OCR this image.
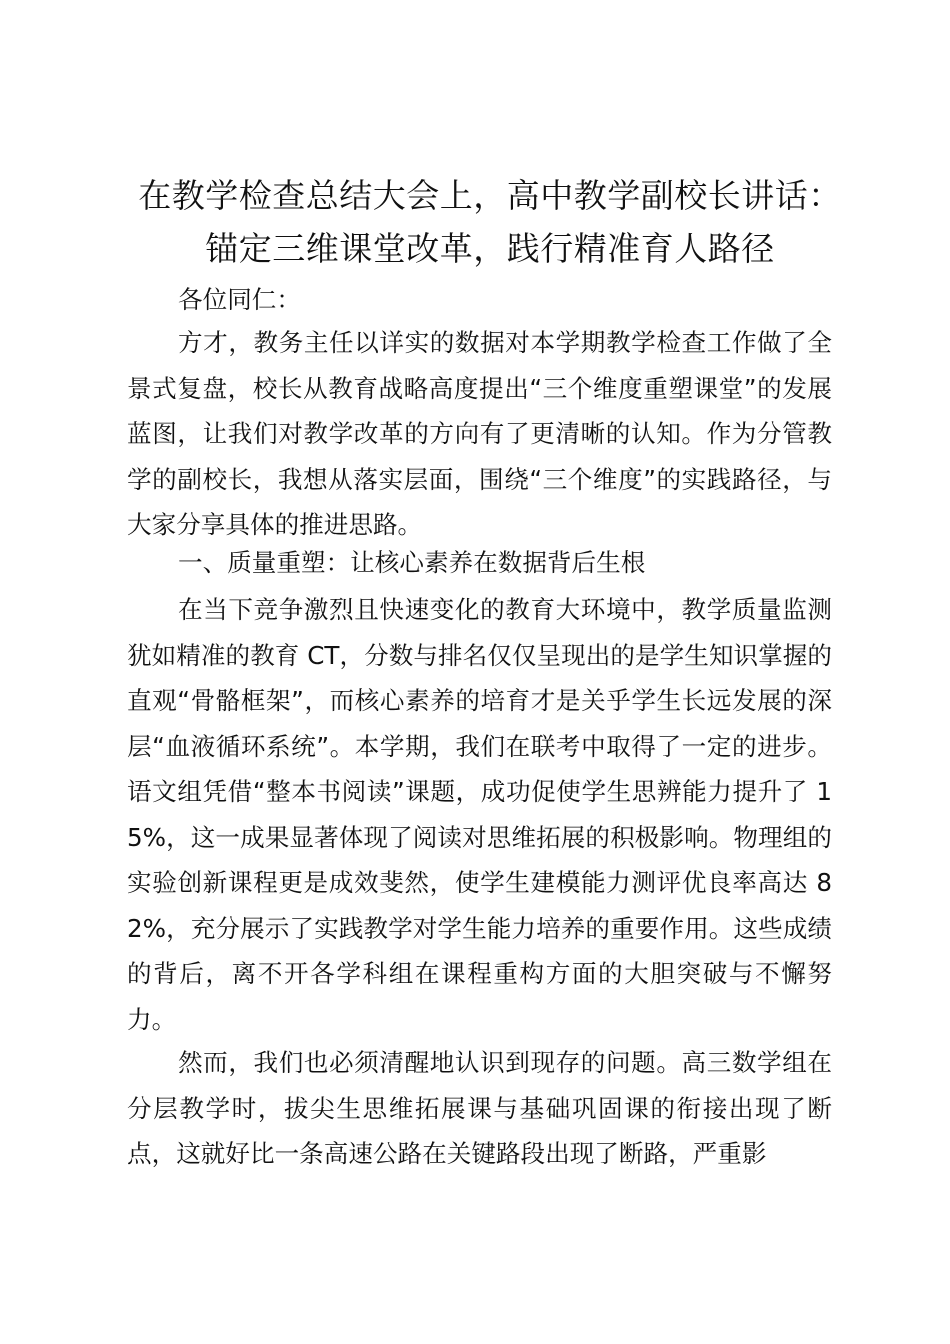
在教学检查总结大会上，高中教学副校长讲话：
锚定三维课堂改革，践行精准育人路径
各位同仁：
方才，教务主任以详实的数据对本学期教学检查工作做了全景式复盘，校长从教育战略高度提出“三个维度重塑课堂”的发展蓝图，让我们对教学改革的方向有了更清晰的认知。作为分管教学的副校长，我想从落实层面，围绕“三个维度”的实践路径，与大家分享具体的推进思路。
一、质量重塑：让核心素养在数据背后生根
在当下竞争激烈且快速变化的教育大环境中，教学质量监测犹如精准的教育 CT，分数与排名仅仅呈现出的是学生知识掌握的直观“骨骼框架”，而核心素养的培育才是关乎学生长远发展的深层“血液循环系统”。本学期，我们在联考中取得了一定的进步。语文组凭借“整本书阅读”课题，成功促使学生思辨能力提升了 15%，这一成果显著体现了阅读对思维拓展的积极影响。物理组的实验创新课程更是成效斐然，使学生建模能力测评优良率高达 82%，充分展示了实践教学对学生能力培养的重要作用。这些成绩的背后，离不开各学科组在课程重构方面的大胆突破与不懈努力。
然而，我们也必须清醒地认识到现存的问题。高三数学组在分层教学时，拔尖生思维拓展课与基础巩固课的衔接出现了断点，这就好比一条高速公路在关键路段出现了断路，严重影
